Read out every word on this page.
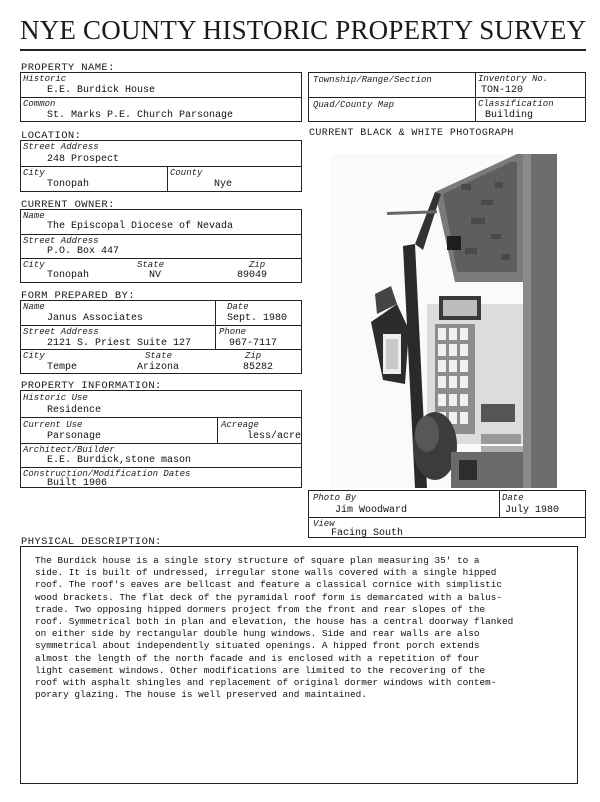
NYE COUNTY HISTORIC PROPERTY SURVEY
PROPERTY NAME:
Historic
E.E. Burdick House
Common
St. Marks P.E. Church Parsonage
LOCATION:
Street Address
248 Prospect
City
Tonopah
County
Nye
CURRENT OWNER:
Name
The Episcopal Diocese of Nevada
Street Address
P.O. Box 447
City
Tonopah
State
NV
Zip
89049
FORM PREPARED BY:
Name
Janus Associates
Date
Sept. 1980
Street Address
2121 S. Priest Suite 127
Phone
967-7117
City
Tempe
State
Arizona
Zip
85282
PROPERTY INFORMATION:
Historic Use
Residence
Current Use
Parsonage
Acreage
less/acre
Architect/Builder
E.E. Burdick,stone mason
Construction/Modification Dates
Built 1906
Township/Range/Section	Inventory No.
TON-120
Quad/County Map	Classification
Building
CURRENT BLACK & WHITE PHOTOGRAPH
Photo By
Jim Woodward
Date
July 1980
View
Facing South
PHYSICAL DESCRIPTION:
The Burdick house is a single story structure of square plan measuring 35' to a
side. It is built of undressed, irregular stone walls covered with a single hipped
roof. The roof's eaves are bellcast and feature a classical cornice with simplistic
wood brackets. The flat deck of the pyramidal roof form is demarcated with a balus-
trade. Two opposing hipped dormers project from the front and rear slopes of the
roof. Symmetrical both in plan and elevation, the house has a central doorway flanked
on either side by rectangular double hung windows. Side and rear walls are also
symmetrical about independently situated openings. A hipped front porch extends
almost the length of the north facade and is enclosed with a repetition of four
light casement windows. Other modifications are limited to the recovering of the
roof with asphalt shingles and replacement of original dormer windows with contem-
porary glazing. The house is well preserved and maintained.
